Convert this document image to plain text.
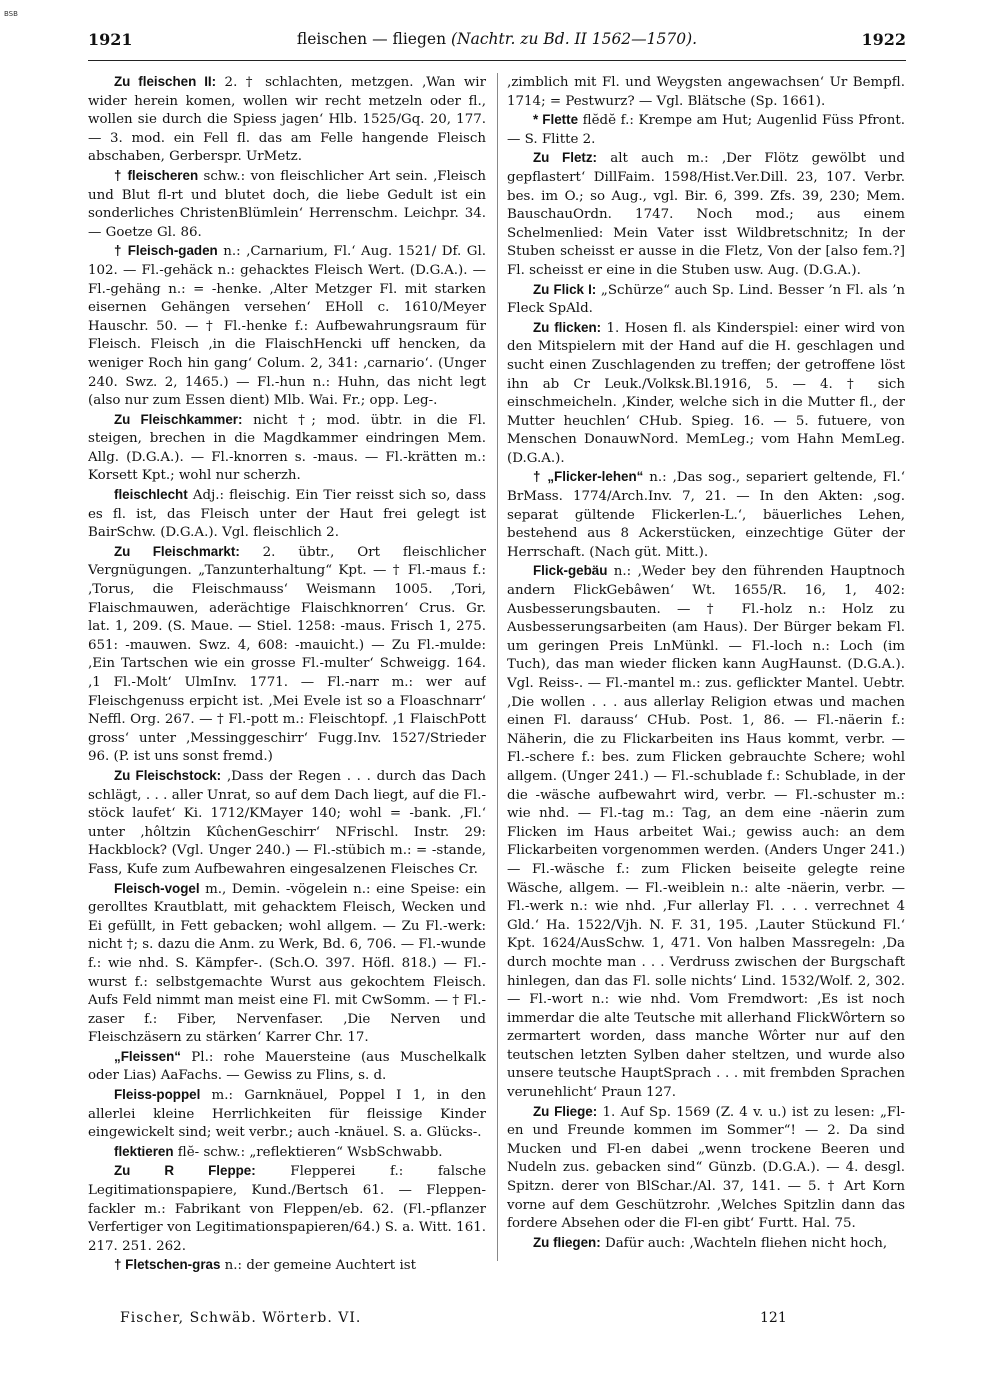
BSB
1921	fleischen — fliegen (Nachtr. zu Bd. II 1562—1570).	1922

Zu fleischen II: 2. † schlachten, metzgen. ‚Wan wir wider herein komen, wollen wir recht metzeln oder fl., wollen sie durch die Spiess jagen‘ Hlb. 1525/Gq. 20, 177. — 3. mod. ein Fell fl. das am Felle hangende Fleisch abschaben, Gerberspr. UrMetz.

† fleischeren schw.: von fleischlicher Art sein. ‚Fleisch und Blut fl-rt und blutet doch, die liebe Gedult ist ein sonderliches ChristenBlümlein‘ Herrenschm. Leichpr. 34. — Goetze Gl. 86.

† Fleisch-gaden n.: ‚Carnarium, Fl.‘ Aug. 1521/ Df. Gl. 102. — Fl.-gehäck n.: gehacktes Fleisch Wert. (D.G.A.). — Fl.-gehäng n.: = -henke. ‚Alter Metzger Fl. mit starken eisernen Gehängen versehen‘ EHoll c. 1610/Meyer Hauschr. 50. — † Fl.-henke f.: Aufbewahrungsraum für Fleisch. Fleisch ‚in die FlaischHencki uff hencken, da weniger Roch hin gang‘ Colum. 2, 341: ‚carnario‘. (Unger 240. Swz. 2, 1465.) — Fl.-hun n.: Huhn, das nicht legt (also nur zum Essen dient) Mlb. Wai. Fr.; opp. Leg-.

Zu Fleischkammer: nicht †; mod. übtr. in die Fl. steigen, brechen in die Magdkammer eindringen Mem. Allg. (D.G.A.). — Fl.-knorren s. -maus. — Fl.-krätten m.: Korsett Kpt.; wohl nur scherzh.

fleischlecht Adj.: fleischig. Ein Tier reisst sich so, dass es fl. ist, das Fleisch unter der Haut frei gelegt ist BairSchw. (D.G.A.). Vgl. fleischlich 2.

Zu Fleischmarkt: 2. übtr., Ort fleischlicher Vergnügungen. „Tanzunterhaltung“ Kpt. — † Fl.-maus f.: ‚Torus, die Fleischmauss‘ Weismann 1005. ‚Tori, Flaischmauwen, aderächtige Flaischknorren‘ Crus. Gr. lat. 1, 209. (S. Maue. — Stiel. 1258: -maus. Frisch 1, 275. 651: -mauwen. Swz. 4, 608: -mauicht.) — Zu Fl.-mulde: ‚Ein Tartschen wie ein grosse Fl.-multer‘ Schweigg. 164. ‚1 Fl.-Molt‘ UlmInv. 1771. — Fl.-narr m.: wer auf Fleischgenuss erpicht ist. ‚Mei Evele ist so a Floaschnarr‘ Neffl. Org. 267. — † Fl.-pott m.: Fleischtopf. ‚1 FlaischPott gross‘ unter ‚Messinggeschirr‘ Fugg.Inv. 1527/Strieder 96. (P. ist uns sonst fremd.)

Zu Fleischstock: ‚Dass der Regen . . . durch das Dach schlägt, . . . aller Unrat, so auf dem Dach liegt, auf die Fl.-stöck laufet‘ Ki. 1712/KMayer 140; wohl = -bank. ‚Fl.‘ unter ‚hôltzin KûchenGeschirr‘ NFrischl. Instr. 29: Hackblock? (Vgl. Unger 240.) — Fl.-stübich m.: = -stande, Fass, Kufe zum Aufbewahren eingesalzenen Fleisches Cr.

Fleisch-vogel m., Demin. -vögelein n.: eine Speise: ein gerolltes Krautblatt, mit gehacktem Fleisch, Wecken und Ei gefüllt, in Fett gebacken; wohl allgem. — Zu Fl.-werk: nicht †; s. dazu die Anm. zu Werk, Bd. 6, 706. — Fl.-wunde f.: wie nhd. S. Kämpfer-. (Sch.O. 397. Höfl. 818.) — Fl.-wurst f.: selbstgemachte Wurst aus gekochtem Fleisch. Aufs Feld nimmt man meist eine Fl. mit CwSomm. — † Fl.-zaser f.: Fiber, Nervenfaser. ‚Die Nerven und Fleischzäsern zu stärken‘ Karrer Chr. 17.

„Fleissen“ Pl.: rohe Mauersteine (aus Muschelkalk oder Lias) AaFachs. — Gewiss zu Flins, s. d.

Fleiss-poppel m.: Garnknäuel, Poppel I 1, in den allerlei kleine Herrlichkeiten für fleissige Kinder eingewickelt sind; weit verbr.; auch -knäuel. S. a. Glücks-.

flektieren flĕ- schw.: „reflektieren“ WsbSchwabb.

Zu R Fleppe: Flepperei f.: falsche Legitimationspapiere, Kund./Bertsch 61. — Fleppen-fackler m.: Fabrikant von Fleppen/eb. 62. (Fl.-pflanzer Verfertiger von Legitimationspapieren/64.) S. a. Witt. 161. 217. 251. 262.

† Fletschen-gras n.: der gemeine Auchtert ist

‚zimblich mit Fl. und Weygsten angewachsen‘ Ur Bempfl. 1714; = Pestwurz? — Vgl. Blätsche (Sp. 1661).

* Flette flĕdĕ f.: Krempe am Hut; Augenlid Füss Pfront. — S. Flitte 2.

Zu Fletz: alt auch m.: ‚Der Flötz gewölbt und gepflastert‘ DillFaim. 1598/Hist.Ver.Dill. 23, 107. Verbr. bes. im O.; so Aug., vgl. Bir. 6, 399. Zfs. 39, 230; Mem. BauschauOrdn. 1747. Noch mod.; aus einem Schelmenlied: Mein Vater isst Wildbretschnitz; In der Stuben scheisst er ausse in die Fletz, Von der [also fem.?] Fl. scheisst er eine in die Stuben usw. Aug. (D.G.A.).

Zu Flick I: „Schürze“ auch Sp. Lind. Besser ’n Fl. als ’n Fleck SpAld.

Zu flicken: 1. Hosen fl. als Kinderspiel: einer wird von den Mitspielern mit der Hand auf die H. geschlagen und sucht einen Zuschlagenden zu treffen; der getroffene löst ihn ab Cr Leuk./Volksk.Bl.1916, 5. — 4. † sich einschmeicheln. ‚Kinder, welche sich in die Mutter fl., der Mutter heuchlen‘ CHub. Spieg. 16. — 5. futuere, von Menschen DonauwNord. MemLeg.; vom Hahn MemLeg. (D.G.A.).

† „Flicker-lehen“ n.: ‚Das sog., separiert geltende, Fl.‘ BrMass. 1774/Arch.Inv. 7, 21. — In den Akten: ‚sog. separat gültende Flickerlen-L.‘, bäuerliches Lehen, bestehend aus 8 Ackerstücken, einzechtige Güter der Herrschaft. (Nach güt. Mitt.).

Flick-gebäu n.: ‚Weder bey den führenden Hauptnoch andern FlickGebâwen‘ Wt. 1655/R. 16, 1, 402: Ausbesserungsbauten. — † Fl.-holz n.: Holz zu Ausbesserungsarbeiten (am Haus). Der Bürger bekam Fl. um geringen Preis LnMünkl. — Fl.-loch n.: Loch (im Tuch), das man wieder flicken kann AugHaunst. (D.G.A.). Vgl. Reiss-. — Fl.-mantel m.: zus. geflickter Mantel. Uebtr. ‚Die wollen . . . aus allerlay Religion etwas und machen einen Fl. darauss‘ CHub. Post. 1, 86. — Fl.-näerin f.: Näherin, die zu Flickarbeiten ins Haus kommt, verbr. — Fl.-schere f.: bes. zum Flicken gebrauchte Schere; wohl allgem. (Unger 241.) — Fl.-schublade f.: Schublade, in der die -wäsche aufbewahrt wird, verbr. — Fl.-schuster m.: wie nhd. — Fl.-tag m.: Tag, an dem eine -näerin zum Flicken im Haus arbeitet Wai.; gewiss auch: an dem Flickarbeiten vorgenommen werden. (Anders Unger 241.) — Fl.-wäsche f.: zum Flicken beiseite gelegte reine Wäsche, allgem. — Fl.-weiblein n.: alte -näerin, verbr. — Fl.-werk n.: wie nhd. ‚Fur allerlay Fl. . . . verrechnet 4 Gld.‘ Ha. 1522/Vjh. N. F. 31, 195. ‚Lauter Stückund Fl.‘ Kpt. 1624/AusSchw. 1, 471. Von halben Massregeln: ‚Da durch mochte man . . . Verdruss zwischen der Burgschaft hinlegen, dan das Fl. solle nichts‘ Lind. 1532/Wolf. 2, 302. — Fl.-wort n.: wie nhd. Vom Fremdwort: ‚Es ist noch immerdar die alte Teutsche mit allerhand FlickWôrtern so zermartert worden, dass manche Wôrter nur auf den teutschen letzten Sylben daher steltzen, und wurde also unsere teutsche HauptSprach . . . mit frembden Sprachen verunehlicht‘ Praun 127.

Zu Fliege: 1. Auf Sp. 1569 (Z. 4 v. u.) ist zu lesen: „Fl-en und Freunde kommen im Sommer“! — 2. Da sind Mucken und Fl-en dabei „wenn trockene Beeren und Nudeln zus. gebacken sind“ Günzb. (D.G.A.). — 4. desgl. Spitzn. derer von BlSchar./Al. 37, 141. — 5. † Art Korn vorne auf dem Geschützrohr. ‚Welches Spitzlin dann das fordere Absehen oder die Fl-en gibt‘ Furtt. Hal. 75.

Zu fliegen: Dafür auch: ‚Wachteln fliehen nicht hoch,

Fischer, Schwäb. Wörterb. VI.	121
